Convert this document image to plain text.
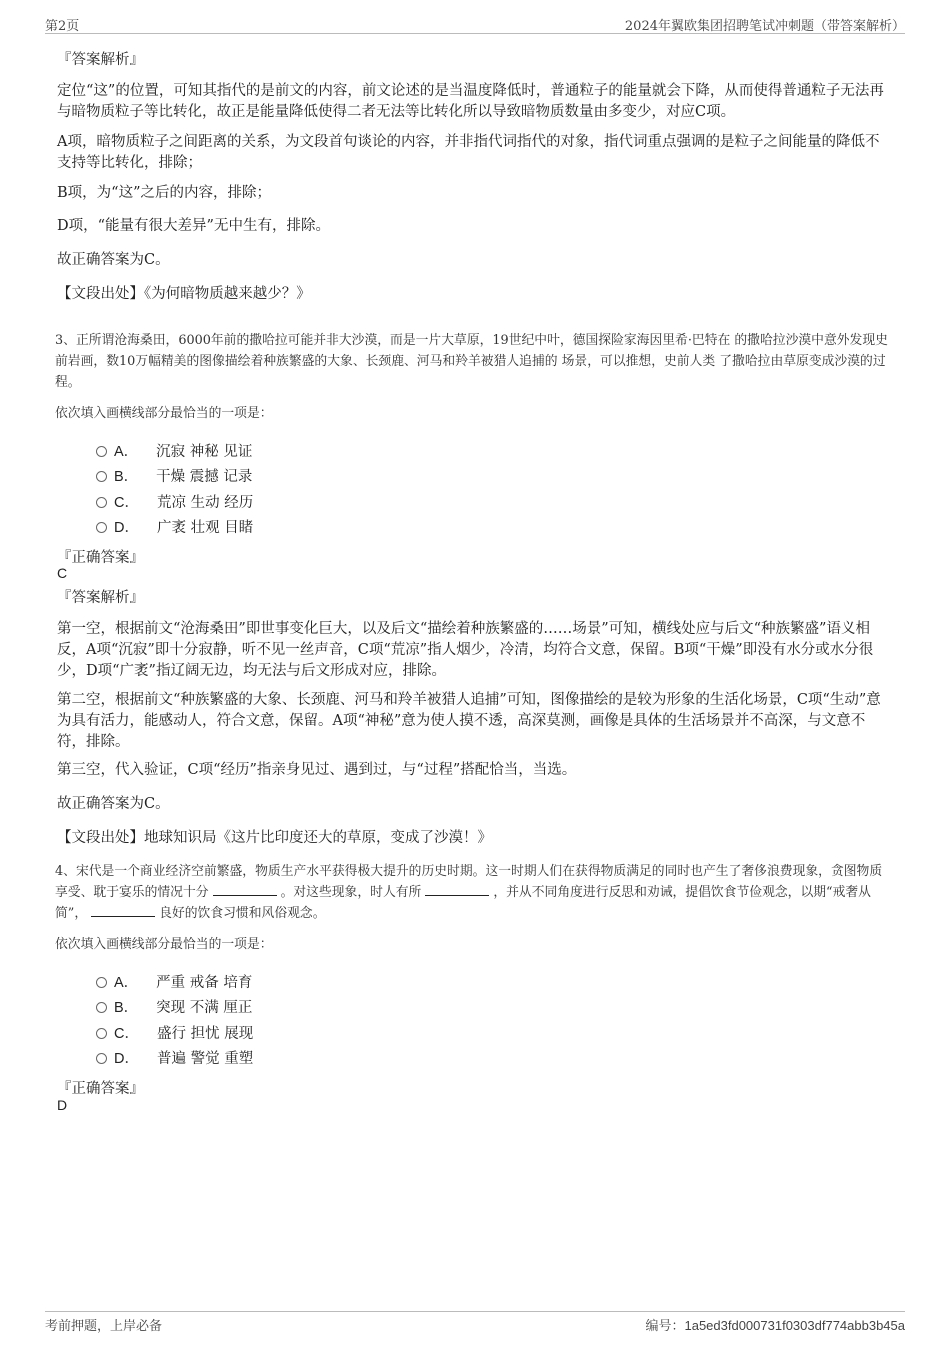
第2页	2024年翼欧集团招聘笔试冲刺题（带答案解析）
『答案解析』

定位“这”的位置，可知其指代的是前文的内容，前文论述的是当温度降低时，普通粒子的能量就会下降，从而使得普通粒子无法再与暗物质粒子等比转化，故正是能量降低使得二者无法等比转化所以导致暗物质数量由多变少，对应C项。

A项，暗物质粒子之间距离的关系，为文段首句谈论的内容，并非指代词指代的对象，指代词重点强调的是粒子之间能量的降低不支持等比转化，排除；

B项，为“这”之后的内容，排除；

D项，“能量有很大差异”无中生有，排除。

故正确答案为C。

【文段出处】《为何暗物质越来越少？》

3、正所谓沧海桑田，6000年前的撒哈拉可能并非大沙漠，而是一片大草原，19世纪中叶，德国探险家海因里希·巴特在 的撒哈拉沙漠中意外发现史前岩画，数10万幅精美的图像描绘着种族繁盛的大象、长颈鹿、河马和羚羊被猎人追捕的 场景，可以推想，史前人类 了撒哈拉由草原变成沙漠的过程。

依次填入画横线部分最恰当的一项是：

A． 沉寂 神秘 见证
B． 干燥 震撼 记录
C． 荒凉 生动 经历
D． 广袤 壮观 目睹
『正确答案』
C
『答案解析』

第一空，根据前文“沧海桑田”即世事变化巨大，以及后文“描绘着种族繁盛的……场景”可知，横线处应与后文“种族繁盛”语义相反，A项“沉寂”即十分寂静，听不见一丝声音，C项“荒凉”指人烟少，冷清，均符合文意，保留。B项“干燥”即没有水分或水分很少，D项“广袤”指辽阔无边，均无法与后文形成对应，排除。

第二空，根据前文“种族繁盛的大象、长颈鹿、河马和羚羊被猎人追捕”可知，图像描绘的是较为形象的生活化场景，C项“生动”意为具有活力，能感动人，符合文意，保留。A项“神秘”意为使人摸不透，高深莫测，画像是具体的生活场景并不高深，与文意不符，排除。

第三空，代入验证，C项“经历”指亲身见过、遇到过，与“过程”搭配恰当，当选。

故正确答案为C。

【文段出处】地球知识局《这片比印度还大的草原，变成了沙漠！》

4、宋代是一个商业经济空前繁盛，物质生产水平获得极大提升的历史时期。这一时期人们在获得物质满足的同时也产生了奢侈浪费现象，贪图物质享受、耽于宴乐的情况十分	。对这些现象，时人有所	，并从不同角度进行反思和劝诫，提倡饮食节俭观念，以期“戒奢从简”，	良好的饮食习惯和风俗观念。

依次填入画横线部分最恰当的一项是：

A． 严重 戒备 培育
B． 突现 不满 厘正
C． 盛行 担忧 展现
D． 普遍 警觉 重塑
『正确答案』
D
考前押题，上岸必备	编号：1a5ed3fd000731f0303df774abb3b45a
